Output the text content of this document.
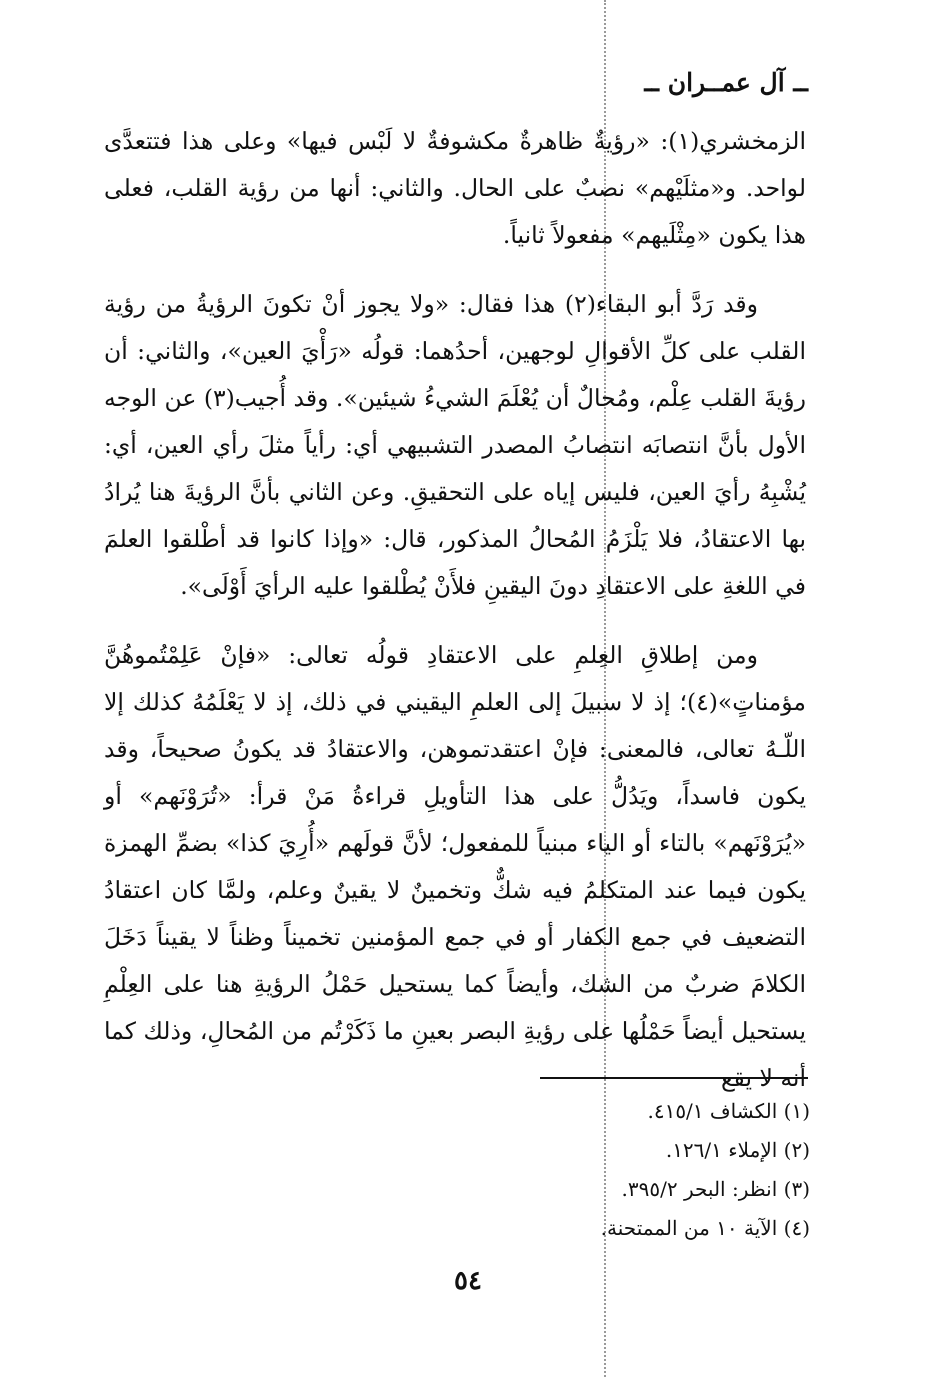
ــ آل عمــران ــ

الزمخشري(١): «رؤيةٌ ظاهرةٌ مكشوفةٌ لا لَبْس فيها» وعلى هذا فتتعدَّى لواحد. و«مثلَيْهم» نصبٌ على الحال. والثاني: أنها من رؤية القلب، فعلى هذا يكون «مِثْلَيهم» مفعولاً ثانياً.

وقد رَدَّ أبو البقاء(٢) هذا فقال: «ولا يجوز أنْ تكونَ الرؤيةُ من رؤية القلب على كلِّ الأقوالِ لوجهين، أحدُهما: قولُه «رَأْيَ العين»، والثاني: أن رؤيةَ القلب عِلْم، ومُحالٌ أن يُعْلَمَ الشيءُ شيئين». وقد أُجيب(٣) عن الوجه الأول بأنَّ انتصابَه انتصابُ المصدر التشبيهي أي: رأياً مثلَ رأي العين، أي: يُشْبِهُ رأيَ العين، فليس إياه على التحقيقِ. وعن الثاني بأنَّ الرؤيةَ هنا يُرادُ بها الاعتقادُ، فلا يَلْزَمُ المُحالُ المذكور، قال: «وإذا كانوا قد أطْلقوا العلمَ في اللغةِ على الاعتقادِ دونَ اليقينِ فلأَنْ يُطْلقوا عليه الرأيَ أَوْلَى».

ومن إطلاقِ العِلمِ على الاعتقادِ قولُه تعالى: «فإنْ عَلِمْتُموهُنَّ مؤمناتٍ»(٤)؛ إذ لا سبيلَ إلى العلمِ اليقيني في ذلك، إذ لا يَعْلَمُهُ كذلك إلا اللّـهُ تعالى، فالمعنى: فإنْ اعتقدتموهن، والاعتقادُ قد يكونُ صحيحاً، وقد يكون فاسداً، ويَدُلُّ على هذا التأويلِ قراءةُ مَنْ قرأ: «تُرَوْنَهم» أو «يُرَوْنَهم» بالتاء أو الياء مبنياً للمفعول؛ لأنَّ قولَهم «أُرِيَ كذا» بضمِّ الهمزة يكون فيما عند المتكلمُ فيه شكٌّ وتخمينٌ لا يقينٌ وعلم، ولمَّا كان اعتقادُ التضعيف في جمع الكفار أو في جمع المؤمنين تخميناً وظناً لا يقيناً دَخَلَ الكلامَ ضربٌ من الشك، وأيضاً كما يستحيل حَمْلُ الرؤيةِ هنا على العِلْمِ يستحيل أيضاً حَمْلُها على رؤيةِ البصر بعينِ ما ذَكَرْتُم من المُحالِ، وذلك كما أنه لا يقع

(١) الكشاف ٤١٥/١.

(٢) الإملاء ١٢٦/١.

(٣) انظر: البحر ٣٩٥/٢.

(٤) الآية ١٠ من الممتحنة.

٥٤
